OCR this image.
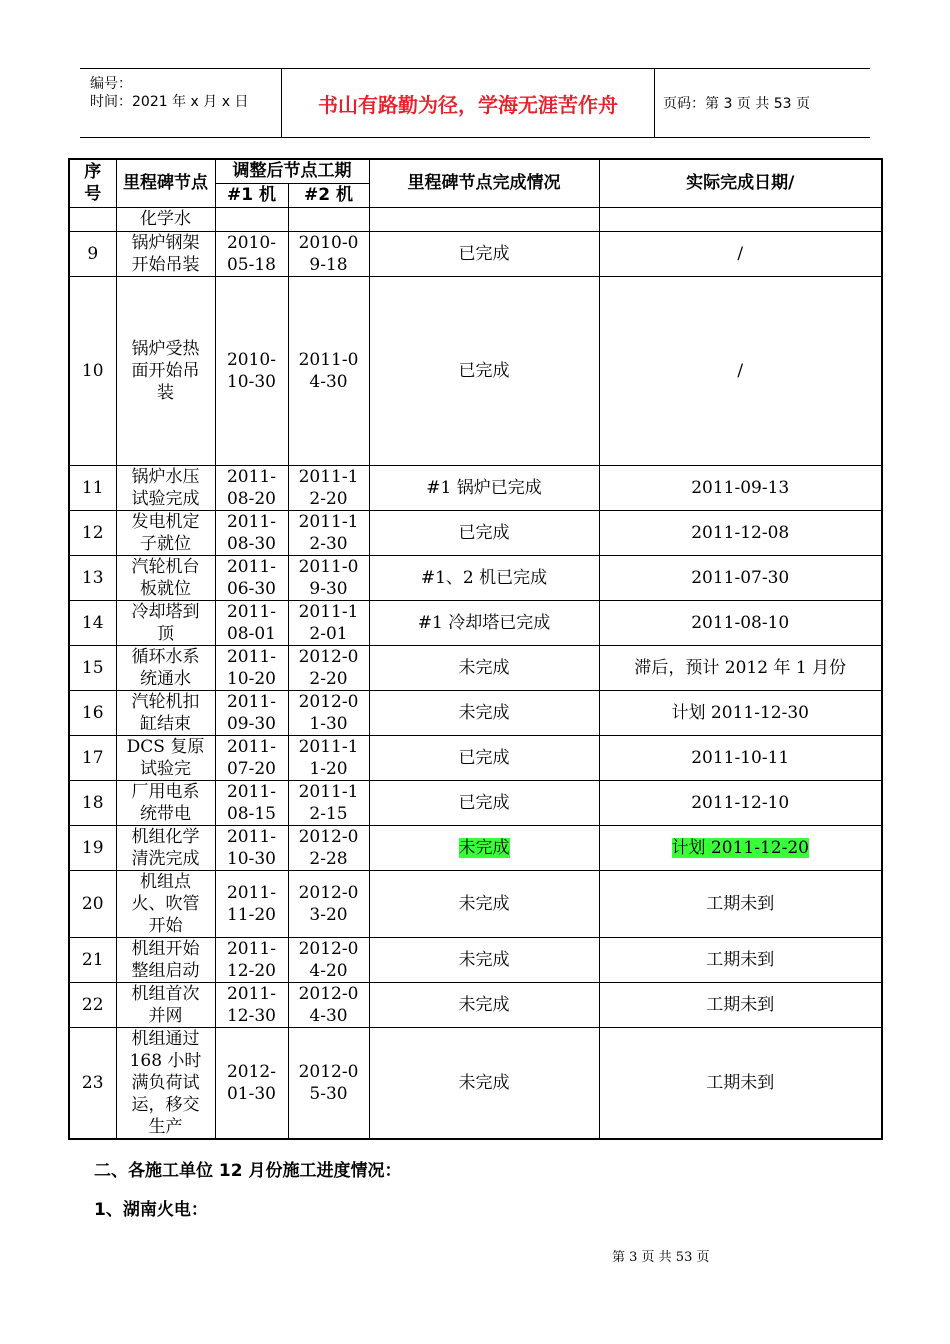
编号：
时间：2021 年 x 月 x 日	书山有路勤为径，学海无涯苦作舟	页码：第 3 页 共 53 页
序号	里程碑节点	调整后节点工期		里程碑节点完成情况	实际完成日期/
		#1 机	#2 机		
	化学水				
9	锅炉钢架开始吊装	2010-05-18	2010-09-18	已完成	/
10	锅炉受热面开始吊装	2010-10-30	2011-04-30	已完成	/
11	锅炉水压试验完成	2011-08-20	2011-12-20	#1 锅炉已完成	2011-09-13
12	发电机定子就位	2011-08-30	2011-12-30	已完成	2011-12-08
13	汽轮机台板就位	2011-06-30	2011-09-30	#1、2 机已完成	2011-07-30
14	冷却塔到顶	2011-08-01	2011-12-01	#1 冷却塔已完成	2011-08-10
15	循环水系统通水	2011-10-20	2012-02-20	未完成	滞后，预计 2012 年 1 月份
16	汽轮机扣缸结束	2011-09-30	2012-01-30	未完成	计划 2011-12-30
17	DCS 复原试验完	2011-07-20	2011-11-20	已完成	2011-10-11
18	厂用电系统带电	2011-08-15	2011-12-15	已完成	2011-12-10
19	机组化学清洗完成	2011-10-30	2012-02-28	未完成	计划 2011-12-20
20	机组点火、吹管开始	2011-11-20	2012-03-20	未完成	工期未到
21	机组开始整组启动	2011-12-20	2012-04-20	未完成	工期未到
22	机组首次并网	2011-12-30	2012-04-30	未完成	工期未到
23	机组通过 168 小时满负荷试运，移交生产	2012-01-30	2012-05-30	未完成	工期未到
二、各施工单位 12 月份施工进度情况：
1、湖南火电：
第 3 页 共 53 页
